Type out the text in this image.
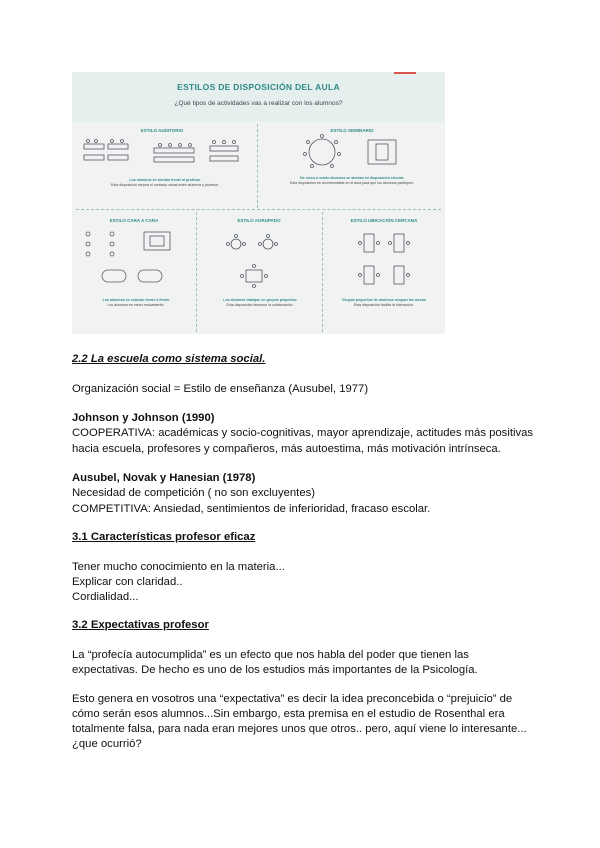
ESTILOS DE DISPOSICIÓN DEL AULA
¿Qué tipos de actividades vas a realizar con los alumnos?
ESTILO AUDITORIO
Los alumnos se sientan frente al profesor
Esta disposición mejora el contacto visual entre alumnos y profesor.
ESTILO SEMINARIO
De cinco a veinte alumnos se sientan en disposición circular
Esta disposición es recomendable en el aula para que los alumnos participen.
ESTILO CARA A CARA
Los alumnos se colocan frente a frente
Los alumnos se miran mutuamente.
ESTILO AGRUPADO
Los alumnos trabajan en grupos pequeños
Esta disposición favorece la colaboración.
ESTILO UBICACIÓN CERCANA
Grupos pequeños de alumnos ocupan las mesas
Esta disposición facilita la interacción.
2.2 La escuela como sistema social.
Organización social = Estilo de enseñanza (Ausubel, 1977)
Johnson y Johnson (1990)
COOPERATIVA: académicas y socio-cognitivas, mayor aprendizaje, actitudes más positivas
hacia escuela, profesores y compañeros, más autoestima, más motivación intrínseca.
Ausubel, Novak y Hanesian (1978)
Necesidad de competición ( no son excluyentes)
COMPETITIVA: Ansiedad, sentimientos de inferioridad, fracaso escolar.
3.1 Características profesor eficaz
Tener mucho conocimiento en la materia...
Explicar con claridad..
Cordialidad...
3.2 Expectativas profesor
La “profecía autocumplida” es un efecto que nos habla del poder que tienen las
expectativas. De hecho es uno de los estudios más importantes de la Psicología.
Esto genera en vosotros una “expectativa” es decir la idea preconcebida o “prejuicio” de
cómo serán esos alumnos...Sin embargo, esta premisa en el estudio de Rosenthal era
totalmente falsa, para nada eran mejores unos que otros.. pero, aquí viene lo interesante...
¿que ocurrió?
